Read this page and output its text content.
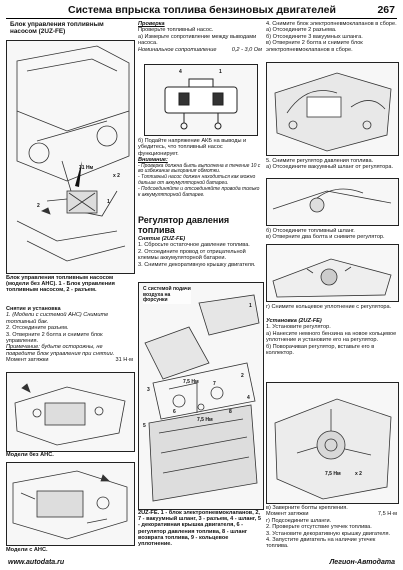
Система впрыска топлива бензиновых двигателей	267
Блок управления топливным насосом (2UZ-FE)
31 Нм
х 2
1
2
Блок управления топливным насосом (модели без АНС). 1 - Блок управления топливным насосом, 2 - разъем.
Снятие и установка
1. (Модели с системой АНС) Снимите топливный бак.
2. Отсоедините разъем.
3. Отверните 2 болта и снимите блок управления.
Примечание: будьте осторожны, не повредите блок управления при снятии.
Момент затяжки	31 Н·м
Модели без АНС.
Модели с АНС.
Проверка
Проверьте топливный насос.
а) Измерьте сопротивление между выводами насоса.
Номинальное сопротивление	0,2 - 3,0 Ом
4	1
б) Подайте напряжение АКБ на выводы и убедитесь, что топливный насос функционирует.
Внимание:
- Проверка должна быть выполнена в течение 10 с во избежание выгорания обмотки.
- Топливный насос должен находиться как можно дальше от аккумуляторной батареи.
- Подсоединяйте и отсоединяйте провода только к аккумуляторной батарее.
Регулятор давления топлива
Снятие (2UZ-FE)
1. Сбросьте остаточное давление топлива.
2. Отсоедините провод от отрицательной клеммы аккумуляторной батареи.
3. Снимите декоративную крышку двигателя.
С системой подачи воздуха на форсунки
7,5 Нм
7,5 Нм
1
2
3
4
5
6
7
8
2UZ-FE. 1 - блок электропневмоклапанов, 2, 7 - вакуумный шланг, 3 - разъем, 4 - шланг, 5 - декоративная крышка двигателя, 6 - регулятор давления топлива, 8 - шланг возврата топлива, 9 - кольцевое уплотнение.
4. Снимите блок электропневмоклапанов в сборе.
а) Отсоедините 2 разъема.
б) Отсоедините 3 вакуумных шланга.
в) Отверните 2 болта и снимите блок электропневмоклапанов в сборе.
5. Снимите регулятор давления топлива.
а) Отсоедините вакуумный шланг от регулятора.
б) Отсоедините топливный шланг.
в) Отверните два болта и снимите регулятор.
г) Снимите кольцевое уплотнение с регулятора.
Установка (2UZ-FE)
1. Установите регулятор.
а) Нанесите немного бензина на новое кольцевое уплотнение и установите его на регулятор.
б) Поворачивая регулятор, вставьте его в коллектор.
7,5 Нм	х 2
в) Заверните болты крепления.
Момент затяжки	7,5 Н·м
г) Подсоедините шланги.
2. Проверьте отсутствие утечек топлива.
3. Установите декоративную крышку двигателя.
4. Запустите двигатель на наличие утечек топлива.
www.autodata.ru	Легион-Автодата
